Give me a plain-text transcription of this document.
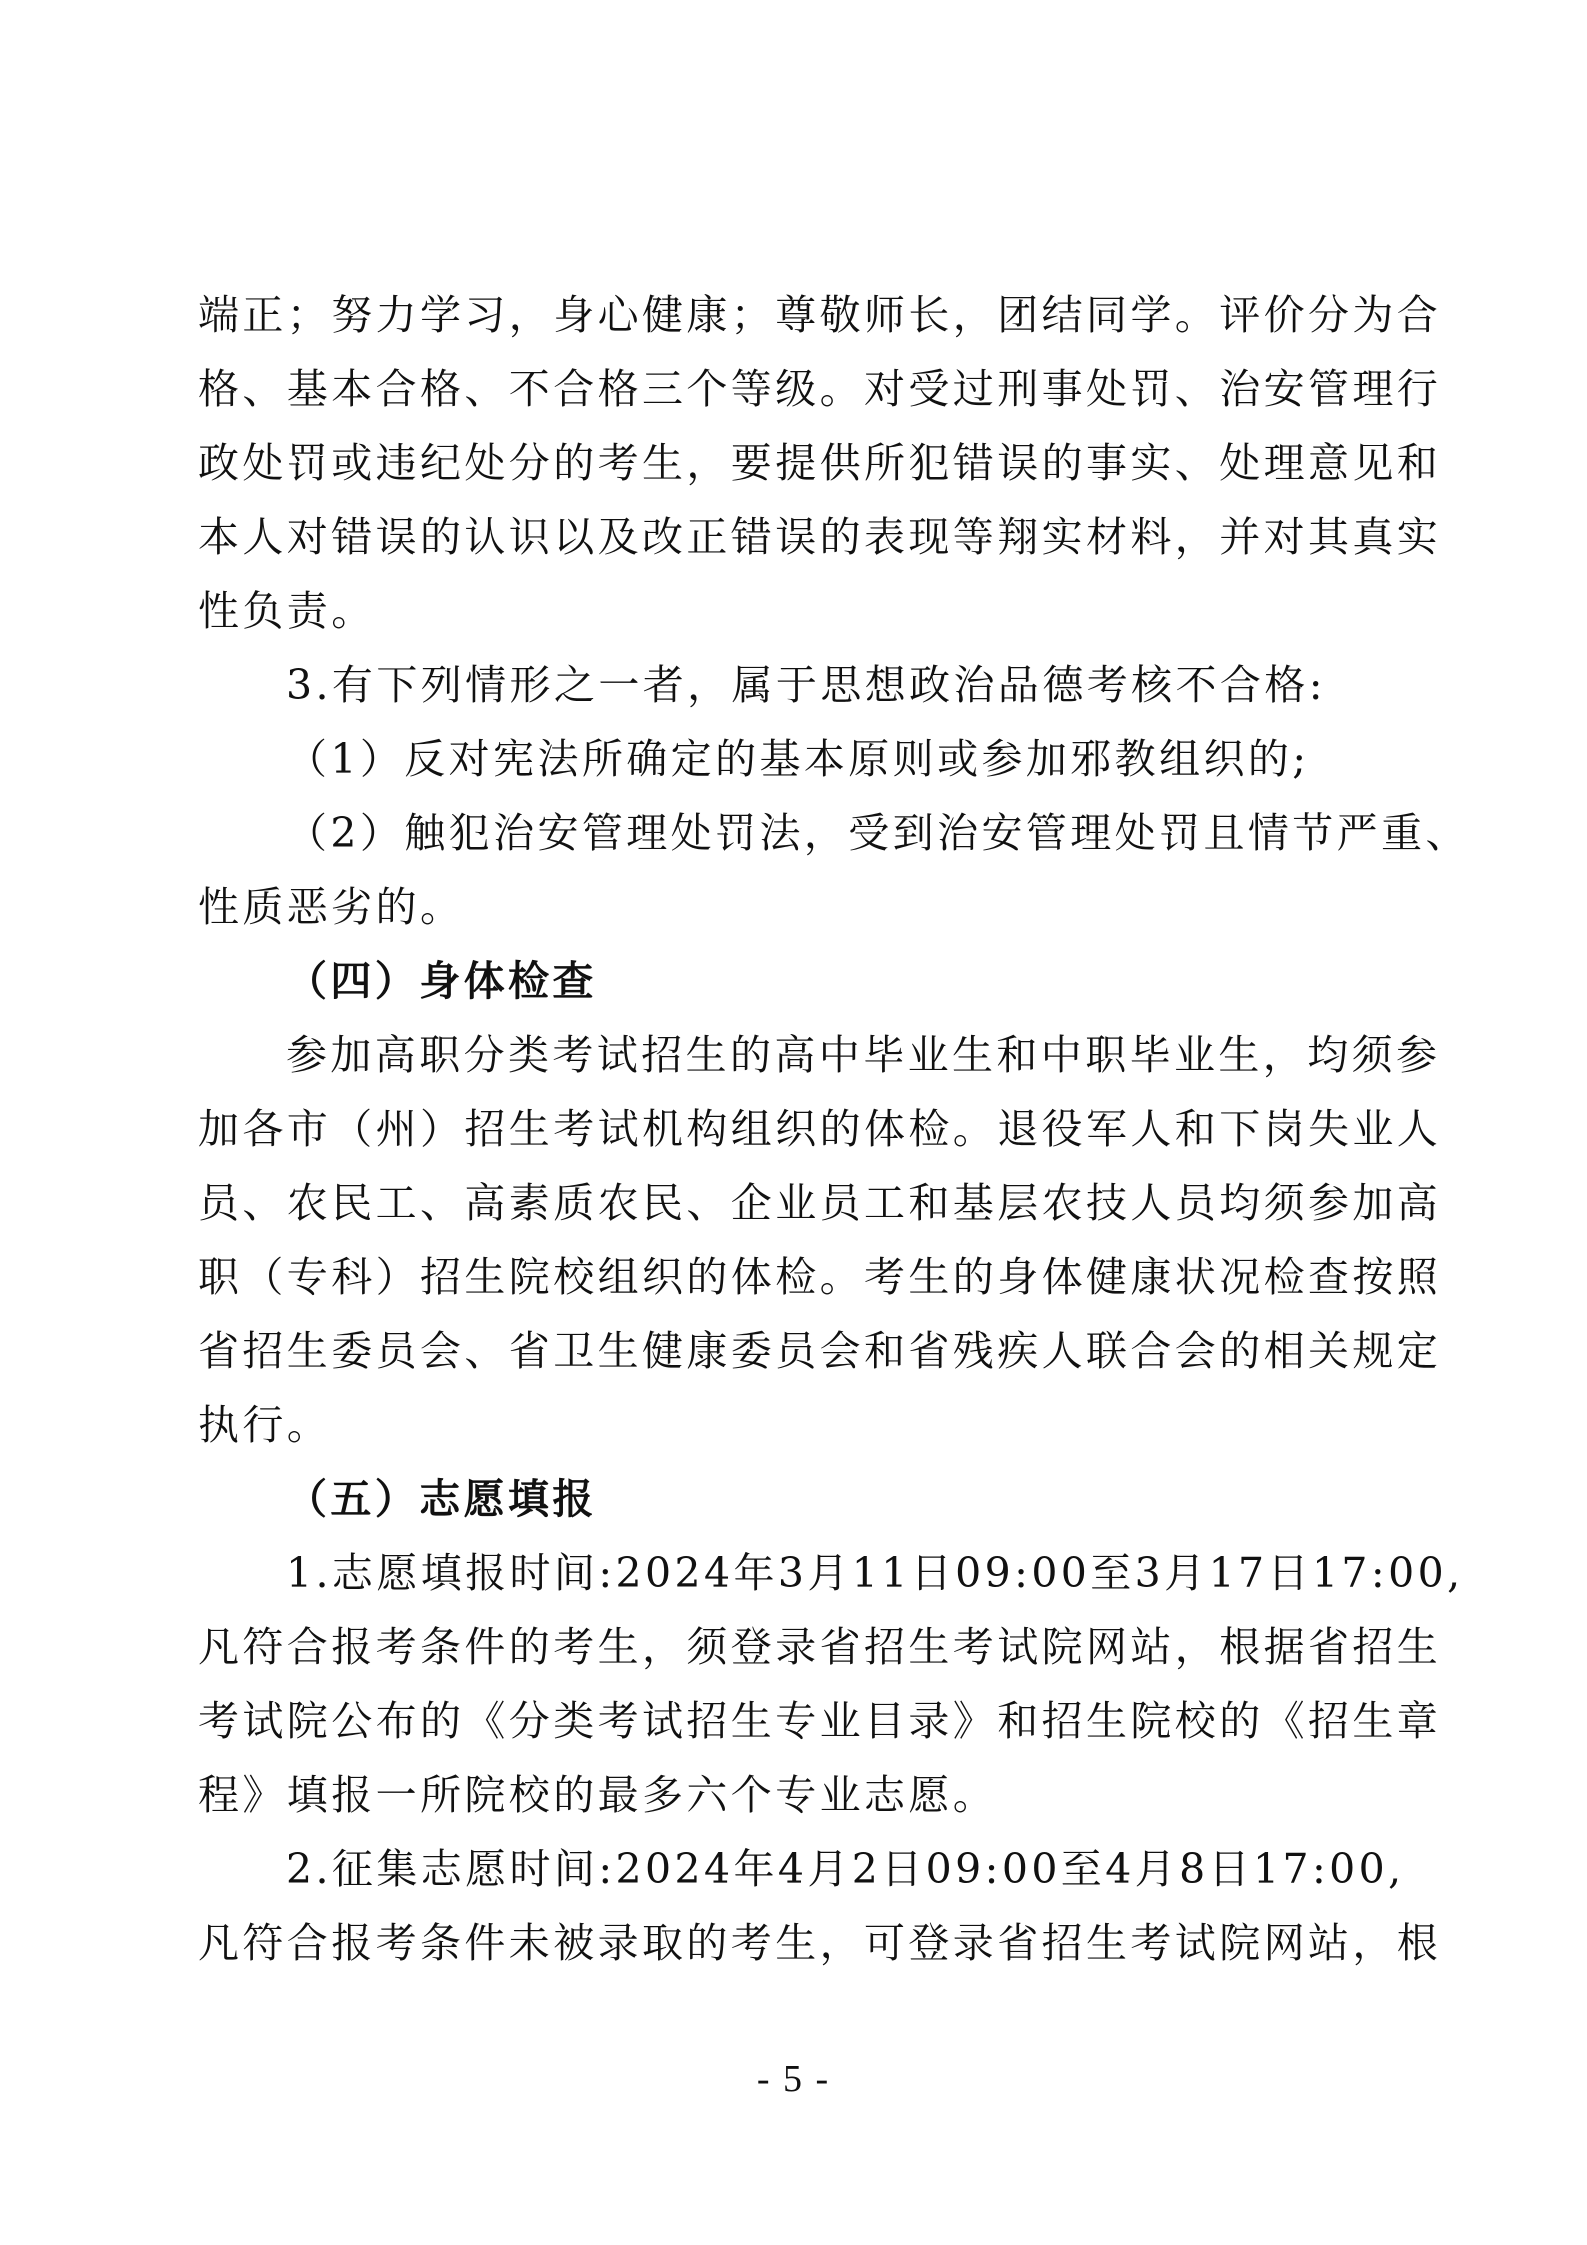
端正；努力学习，身心健康；尊敬师长，团结同学。评价分为合
格、基本合格、不合格三个等级。对受过刑事处罚、治安管理行
政处罚或违纪处分的考生，要提供所犯错误的事实、处理意见和
本人对错误的认识以及改正错误的表现等翔实材料，并对其真实
性负责。
3.有下列情形之一者，属于思想政治品德考核不合格:
（1）反对宪法所确定的基本原则或参加邪教组织的;
（2）触犯治安管理处罚法，受到治安管理处罚且情节严重、
性质恶劣的。
（四）身体检查
参加高职分类考试招生的高中毕业生和中职毕业生，均须参
加各市（州）招生考试机构组织的体检。退役军人和下岗失业人
员、农民工、高素质农民、企业员工和基层农技人员均须参加高
职（专科）招生院校组织的体检。考生的身体健康状况检查按照
省招生委员会、省卫生健康委员会和省残疾人联合会的相关规定
执行。
（五）志愿填报
1.志愿填报时间:2024年3月11日09:00至3月17日17:00,
凡符合报考条件的考生，须登录省招生考试院网站，根据省招生
考试院公布的《分类考试招生专业目录》和招生院校的《招生章
程》填报一所院校的最多六个专业志愿。
2.征集志愿时间:2024年4月2日09:00至4月8日17:00,
凡符合报考条件未被录取的考生，可登录省招生考试院网站，根
- 5 -
